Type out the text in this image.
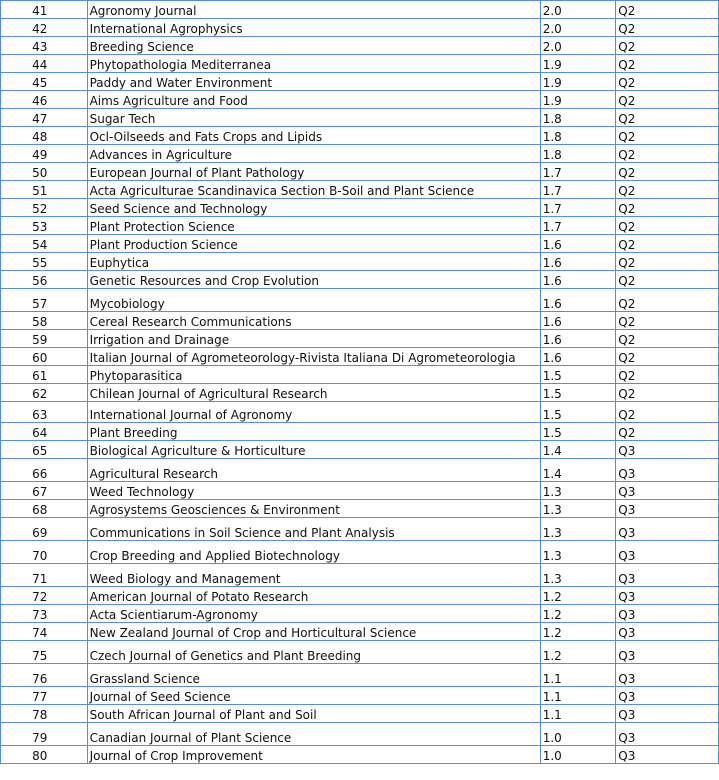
41	Agronomy Journal	2.0	Q2
42	International Agrophysics	2.0	Q2
43	Breeding Science	2.0	Q2
44	Phytopathologia Mediterranea	1.9	Q2
45	Paddy and Water Environment	1.9	Q2
46	Aims Agriculture and Food	1.9	Q2
47	Sugar Tech	1.8	Q2
48	Ocl-Oilseeds and Fats Crops and Lipids	1.8	Q2
49	Advances in Agriculture	1.8	Q2
50	European Journal of Plant Pathology	1.7	Q2
51	Acta Agriculturae Scandinavica Section B-Soil and Plant Science	1.7	Q2
52	Seed Science and Technology	1.7	Q2
53	Plant Protection Science	1.7	Q2
54	Plant Production Science	1.6	Q2
55	Euphytica	1.6	Q2
56	Genetic Resources and Crop Evolution	1.6	Q2
57	Mycobiology	1.6	Q2
58	Cereal Research Communications	1.6	Q2
59	Irrigation and Drainage	1.6	Q2
60	Italian Journal of Agrometeorology-Rivista Italiana Di Agrometeorologia	1.6	Q2
61	Phytoparasitica	1.5	Q2
62	Chilean Journal of Agricultural Research	1.5	Q2
63	International Journal of Agronomy	1.5	Q2
64	Plant Breeding	1.5	Q2
65	Biological Agriculture & Horticulture	1.4	Q3
66	Agricultural Research	1.4	Q3
67	Weed Technology	1.3	Q3
68	Agrosystems Geosciences & Environment	1.3	Q3
69	Communications in Soil Science and Plant Analysis	1.3	Q3
70	Crop Breeding and Applied Biotechnology	1.3	Q3
71	Weed Biology and Management	1.3	Q3
72	American Journal of Potato Research	1.2	Q3
73	Acta Scientiarum-Agronomy	1.2	Q3
74	New Zealand Journal of Crop and Horticultural Science	1.2	Q3
75	Czech Journal of Genetics and Plant Breeding	1.2	Q3
76	Grassland Science	1.1	Q3
77	Journal of Seed Science	1.1	Q3
78	South African Journal of Plant and Soil	1.1	Q3
79	Canadian Journal of Plant Science	1.0	Q3
80	Journal of Crop Improvement	1.0	Q3
